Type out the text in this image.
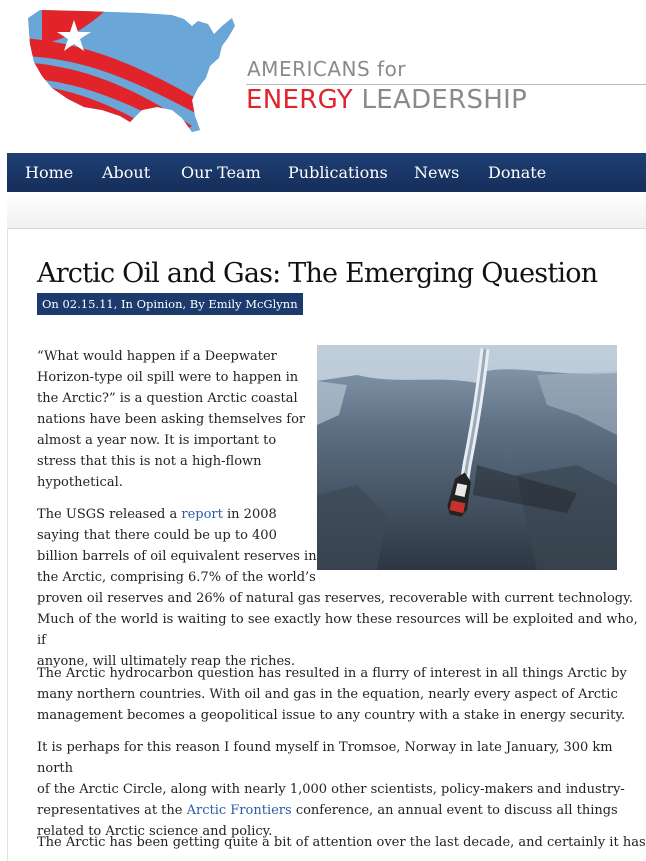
AMERICANS for
ENERGY LEADERSHIP
Home About Our Team Publications News Donate
Arctic Oil and Gas: The Emerging Question
On 02.15.11, In Opinion, By Emily McGlynn
“What would happen if a Deepwater
Horizon-type oil spill were to happen in
the Arctic?” is a question Arctic coastal
nations have been asking themselves for
almost a year now. It is important to
stress that this is not a high-flown
hypothetical.
The USGS released a report in 2008
saying that there could be up to 400
billion barrels of oil equivalent reserves in
the Arctic, comprising 6.7% of the world’s
proven oil reserves and 26% of natural gas reserves, recoverable with current technology.
Much of the world is waiting to see exactly how these resources will be exploited and who, if
anyone, will ultimately reap the riches.
The Arctic hydrocarbon question has resulted in a flurry of interest in all things Arctic by
many northern countries. With oil and gas in the equation, nearly every aspect of Arctic
management becomes a geopolitical issue to any country with a stake in energy security.
It is perhaps for this reason I found myself in Tromsoe, Norway in late January, 300 km north
of the Arctic Circle, along with nearly 1,000 other scientists, policy-makers and industry-
representatives at the Arctic Frontiers conference, an annual event to discuss all things
related to Arctic science and policy.
The Arctic has been getting quite a bit of attention over the last decade, and certainly it has
